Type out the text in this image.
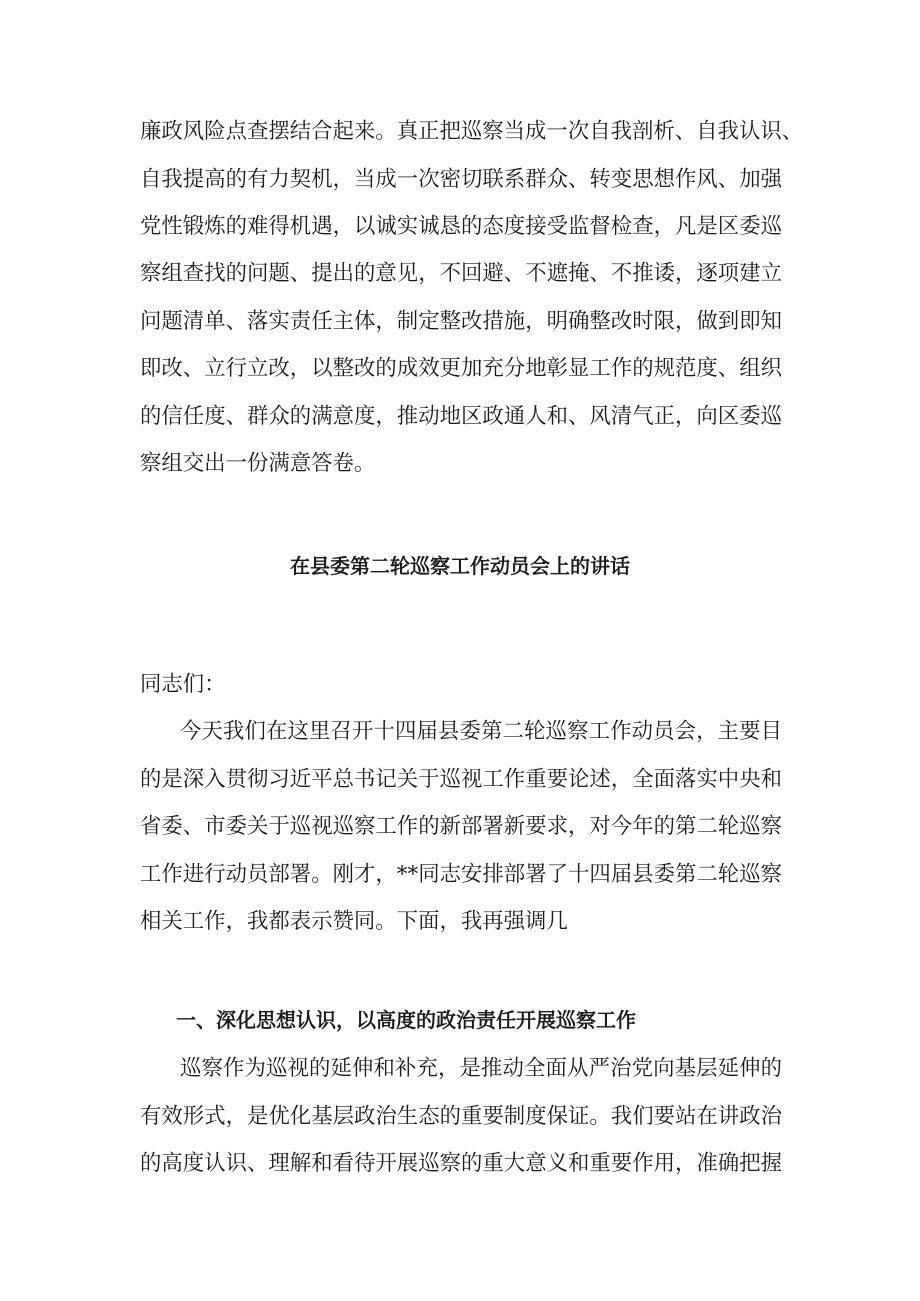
廉政风险点查摆结合起来。真正把巡察当成一次自我剖析、自我认识、
自我提高的有力契机，当成一次密切联系群众、转变思想作风、加强
党性锻炼的难得机遇，以诚实诚恳的态度接受监督检查，凡是区委巡
察组查找的问题、提出的意见，不回避、不遮掩、不推诿，逐项建立
问题清单、落实责任主体，制定整改措施，明确整改时限，做到即知
即改、立行立改，以整改的成效更加充分地彰显工作的规范度、组织
的信任度、群众的满意度，推动地区政通人和、风清气正，向区委巡
察组交出一份满意答卷。
在县委第二轮巡察工作动员会上的讲话
同志们：
今天我们在这里召开十四届县委第二轮巡察工作动员会，主要目
的是深入贯彻习近平总书记关于巡视工作重要论述，全面落实中央和
省委、市委关于巡视巡察工作的新部署新要求，对今年的第二轮巡察
工作进行动员部署。刚才，**同志安排部署了十四届县委第二轮巡察
相关工作，我都表示赞同。下面，我再强调几
一、深化思想认识，以高度的政治责任开展巡察工作
巡察作为巡视的延伸和补充，是推动全面从严治党向基层延伸的
有效形式，是优化基层政治生态的重要制度保证。我们要站在讲政治
的高度认识、理解和看待开展巡察的重大意义和重要作用，准确把握
